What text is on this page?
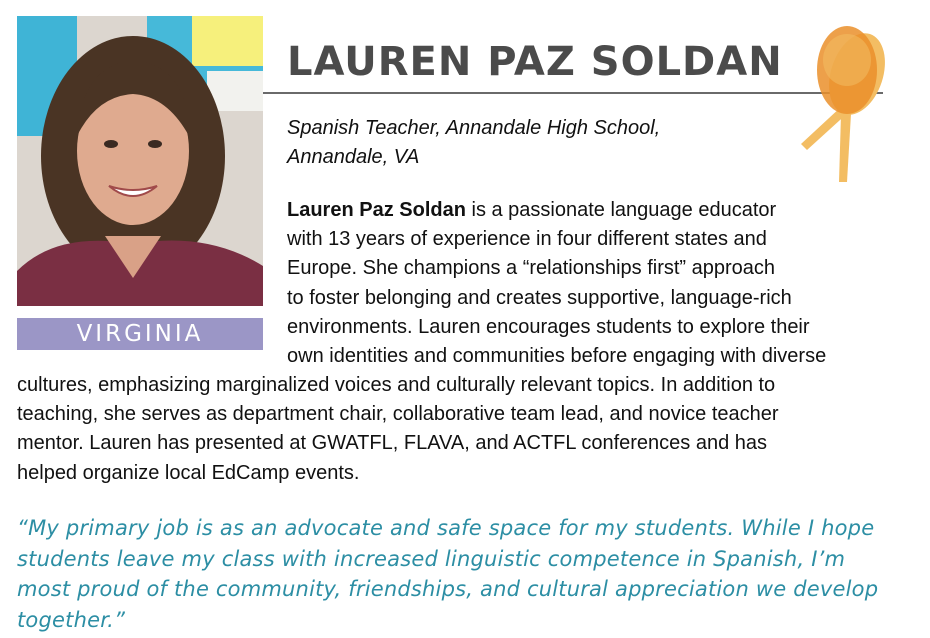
VIRGINIA
LAUREN PAZ SOLDAN
Spanish Teacher, Annandale High School,
Annandale, VA
Lauren Paz Soldan is a passionate language educator
with 13 years of experience in four different states and
Europe. She champions a “relationships first” approach
to foster belonging and creates supportive, language-rich
environments. Lauren encourages students to explore their
own identities and communities before engaging with diverse
cultures, emphasizing marginalized voices and culturally relevant topics. In addition to
teaching, she serves as department chair, collaborative team lead, and novice teacher
mentor. Lauren has presented at GWATFL, FLAVA, and ACTFL conferences and has
helped organize local EdCamp events.
“My primary job is as an advocate and safe space for my students. While I hope
students leave my class with increased linguistic competence in Spanish, I’m
most proud of the community, friendships, and cultural appreciation we develop
together.”
